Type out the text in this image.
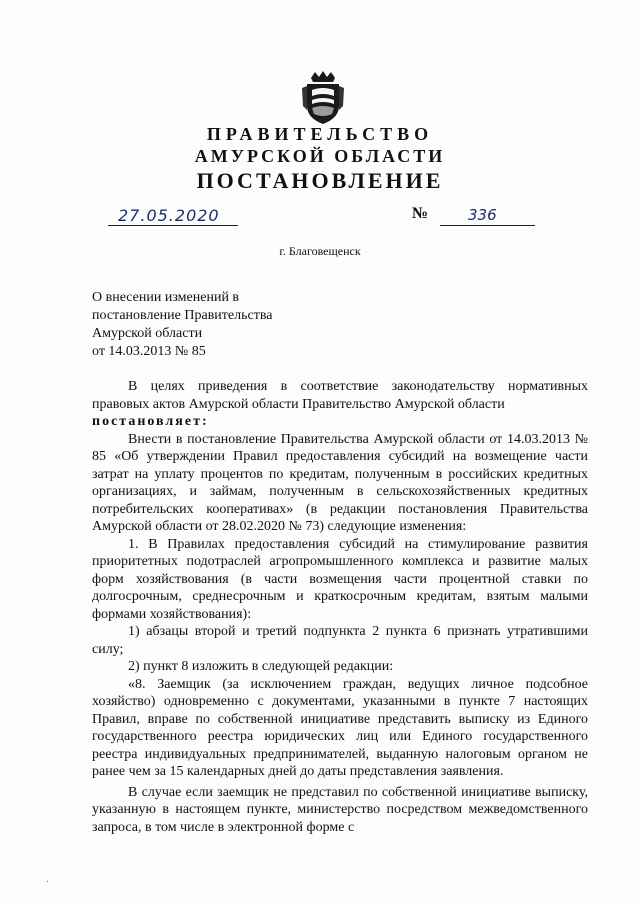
ПРАВИТЕЛЬСТВО
АМУРСКОЙ ОБЛАСТИ
ПОСТАНОВЛЕНИЕ
27.05.2020	№	336
г. Благовещенск
О внесении изменений в
постановление Правительства
Амурской области
от 14.03.2013 № 85

В целях приведения в соответствие законодательству нормативных правовых актов Амурской области Правительство Амурской области

постановляет:

Внести в постановление Правительства Амурской области от 14.03.2013 № 85 «Об утверждении Правил предоставления субсидий на возмещение части затрат на уплату процентов по кредитам, полученным в российских кредитных организациях, и займам, полученным в сельскохозяйственных кредитных потребительских кооперативах» (в редакции постановления Правительства Амурской области от 28.02.2020 № 73) следующие изменения:

1. В Правилах предоставления субсидий на стимулирование развития приоритетных подотраслей агропромышленного комплекса и развитие малых форм хозяйствования (в части возмещения части процентной ставки по долгосрочным, среднесрочным и краткосрочным кредитам, взятым малыми формами хозяйствования):

1) абзацы второй и третий подпункта 2 пункта 6 признать утратившими силу;

2) пункт 8 изложить в следующей редакции:

«8. Заемщик (за исключением граждан, ведущих личное подсобное хозяйство) одновременно с документами, указанными в пункте 7 настоящих Правил, вправе по собственной инициативе представить выписку из Единого государственного реестра юридических лиц или Единого государственного реестра индивидуальных предпринимателей, выданную налоговым органом не ранее чем за 15 календарных дней до даты представления заявления.

В случае если заемщик не представил по собственной инициативе выписку, указанную в настоящем пункте, министерство посредством межведомственного запроса, в том числе в электронной форме с

·
